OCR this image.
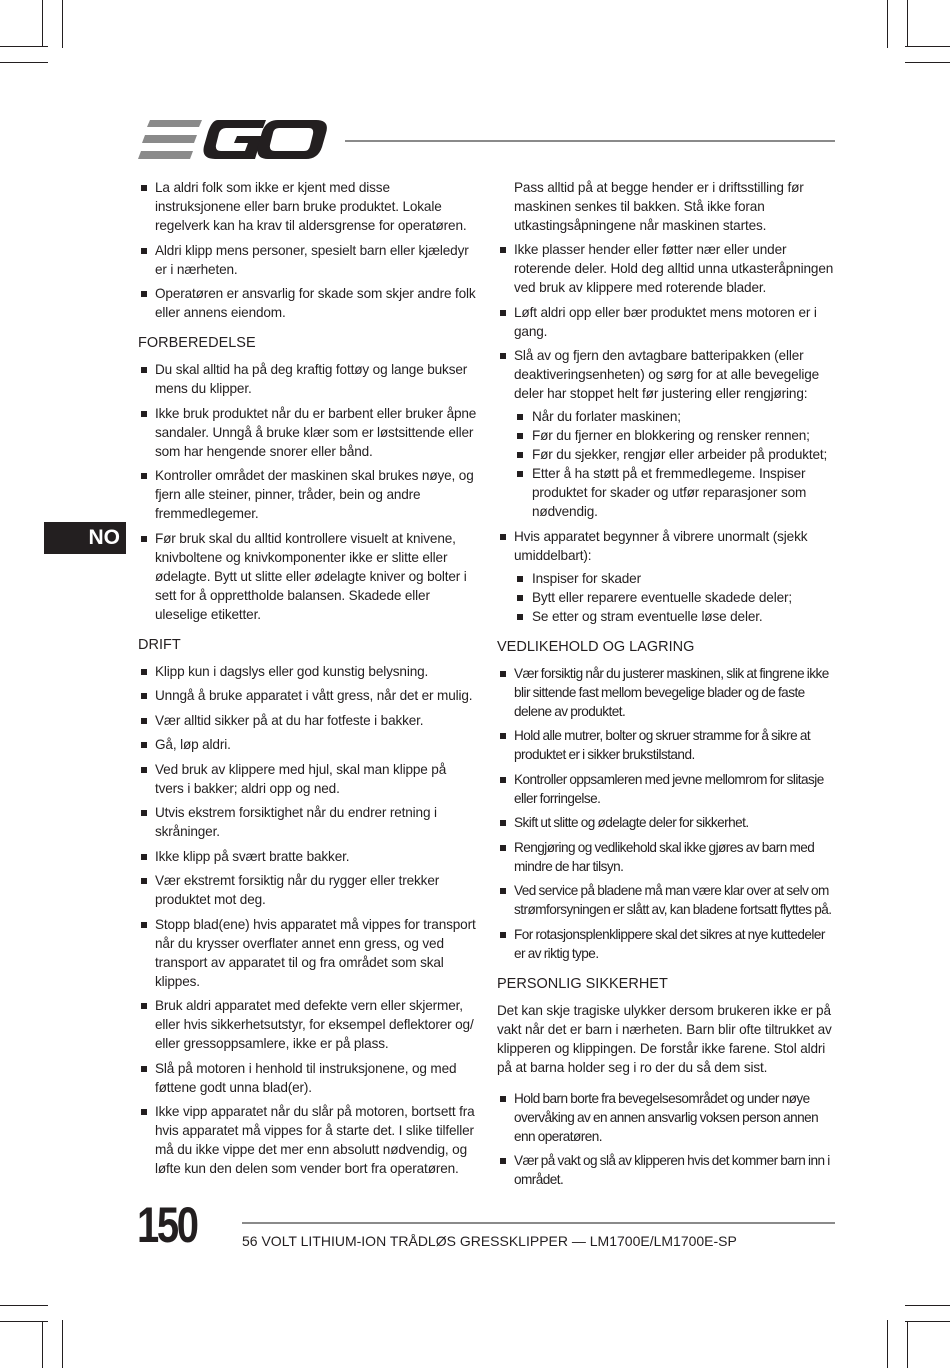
NO
La aldri folk som ikke er kjent med disse instruksjonene eller barn bruke produktet. Lokale regelverk kan ha krav til aldersgrense for operatøren.
Aldri klipp mens personer, spesielt barn eller kjæledyr er i nærheten.
Operatøren er ansvarlig for skade som skjer andre folk eller annens eiendom.
FORBEREDELSE
Du skal alltid ha på deg kraftig fottøy og lange bukser mens du klipper.
Ikke bruk produktet når du er barbent eller bruker åpne sandaler. Unngå å bruke klær som er løstsittende eller som har hengende snorer eller bånd.
Kontroller området der maskinen skal brukes nøye, og fjern alle steiner, pinner, tråder, bein og andre fremmedlegemer.
Før bruk skal du alltid kontrollere visuelt at knivene, knivboltene og knivkomponenter ikke er slitte eller ødelagte. Bytt ut slitte eller ødelagte kniver og bolter i sett for å opprettholde balansen. Skadede eller uleselige etiketter.
DRIFT
Klipp kun i dagslys eller god kunstig belysning.
Unngå å bruke apparatet i vått gress, når det er mulig.
Vær alltid sikker på at du har fotfeste i bakker.
Gå, løp aldri.
Ved bruk av klippere med hjul, skal man klippe på tvers i bakker; aldri opp og ned.
Utvis ekstrem forsiktighet når du endrer retning i skråninger.
Ikke klipp på svært bratte bakker.
Vær ekstremt forsiktig når du rygger eller trekker produktet mot deg.
Stopp blad(ene) hvis apparatet må vippes for transport når du krysser overflater annet enn gress, og ved transport av apparatet til og fra området som skal klippes.
Bruk aldri apparatet med defekte vern eller skjermer, eller hvis sikkerhetsutstyr, for eksempel deflektorer og/ eller gressoppsamlere, ikke er på plass.
Slå på motoren i henhold til instruksjonene, og med føttene godt unna blad(er).
Ikke vipp apparatet når du slår på motoren, bortsett fra hvis apparatet må vippes for å starte det. I slike tilfeller må du ikke vippe det mer enn absolutt nødvendig, og løfte kun den delen som vender bort fra operatøren.

Pass alltid på at begge hender er i driftsstilling før maskinen senkes til bakken. Stå ikke foran utkastingsåpningene når maskinen startes.

Ikke plasser hender eller føtter nær eller under roterende deler. Hold deg alltid unna utkasteråpningen ved bruk av klippere med roterende blader.
Løft aldri opp eller bær produktet mens motoren er i gang.
Slå av og fjern den avtagbare batteripakken (eller deaktiveringsenheten) og sørg for at alle bevegelige deler har stoppet helt før justering eller rengjøring:
Når du forlater maskinen;
Før du fjerner en blokkering og rensker rennen;
Før du sjekker, rengjør eller arbeider på produktet;
Etter å ha støtt på et fremmedlegeme. Inspiser produktet for skader og utfør reparasjoner som nødvendig.
Hvis apparatet begynner å vibrere unormalt (sjekk umiddelbart):
Inspiser for skader
Bytt eller reparere eventuelle skadede deler;
Se etter og stram eventuelle løse deler.
VEDLIKEHOLD OG LAGRING
Vær forsiktig når du justerer maskinen, slik at fingrene ikke blir sittende fast mellom bevegelige blader og de faste delene av produktet.
Hold alle mutrer, bolter og skruer stramme for å sikre at produktet er i sikker brukstilstand.
Kontroller oppsamleren med jevne mellomrom for slitasje eller forringelse.
Skift ut slitte og ødelagte deler for sikkerhet.
Rengjøring og vedlikehold skal ikke gjøres av barn med mindre de har tilsyn.
Ved service på bladene må man være klar over at selv om strømforsyningen er slått av, kan bladene fortsatt flyttes på.
For rotasjonsplenklippere skal det sikres at nye kuttedeler er av riktig type.
PERSONLIG SIKKERHET

Det kan skje tragiske ulykker dersom brukeren ikke er på vakt når det er barn i nærheten. Barn blir ofte tiltrukket av klipperen og klippingen. De forstår ikke farene. Stol aldri på at barna holder seg i ro der du så dem sist.

Hold barn borte fra bevegelsesområdet og under nøye overvåking av en annen ansvarlig voksen person annen enn operatøren.
Vær på vakt og slå av klipperen hvis det kommer barn inn i området.
150	56 VOLT LITHIUM-ION TRÅDLØS GRESSKLIPPER — LM1700E/LM1700E-SP
